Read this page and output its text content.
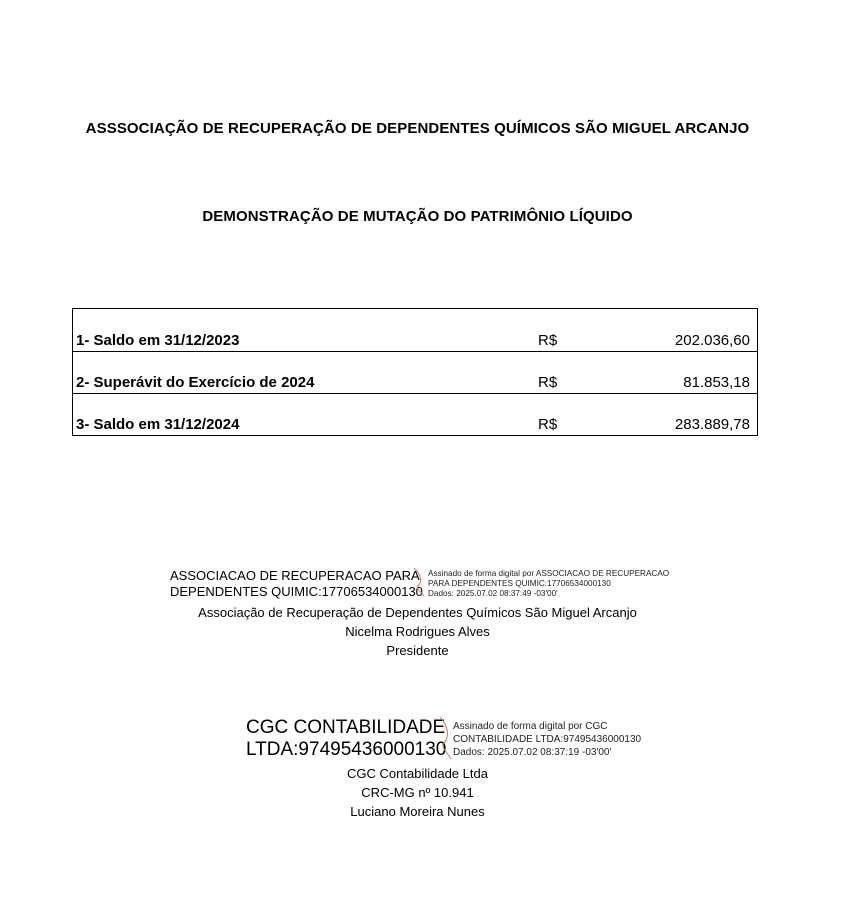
ASSSOCIAÇÃO DE RECUPERAÇÃO DE DEPENDENTES QUÍMICOS SÃO MIGUEL ARCANJO
DEMONSTRAÇÃO DE MUTAÇÃO DO PATRIMÔNIO LÍQUIDO
1- Saldo em 31/12/2023	R$	202.036,60
2- Superávit do Exercício de 2024	R$	81.853,18
3- Saldo em 31/12/2024	R$	283.889,78
ASSOCIACAO DE RECUPERACAO PARA
DEPENDENTES QUIMIC:17706534000130
Assinado de forma digital por ASSOCIACAO DE RECUPERACAO
PARA DEPENDENTES QUIMIC:17706534000130
Dados: 2025.07.02 08:37:49 -03'00'
Associação de Recuperação de Dependentes Químicos São Miguel Arcanjo
Nicelma Rodrigues Alves
Presidente
CGC CONTABILIDADE
LTDA:97495436000130
Assinado de forma digital por CGC
CONTABILIDADE LTDA:97495436000130
Dados: 2025.07.02 08:37:19 -03'00'
CGC Contabilidade Ltda
CRC-MG nº 10.941
Luciano Moreira Nunes
